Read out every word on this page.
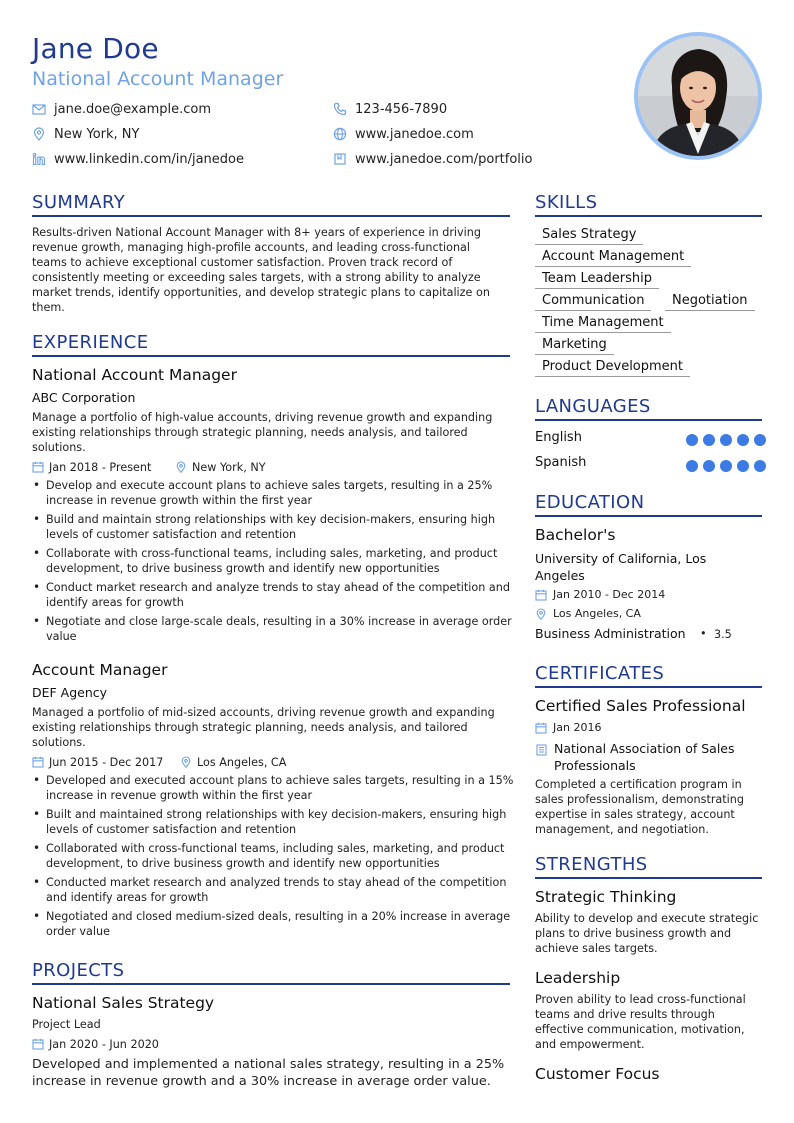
Jane Doe
National Account Manager
jane.doe@example.com	123-456-7890
New York, NY	www.janedoe.com
www.linkedin.com/in/janedoe	www.janedoe.com/portfolio
SUMMARY
Results-driven National Account Manager with 8+ years of experience in driving
revenue growth, managing high-profile accounts, and leading cross-functional
teams to achieve exceptional customer satisfaction. Proven track record of
consistently meeting or exceeding sales targets, with a strong ability to analyze
market trends, identify opportunities, and develop strategic plans to capitalize on
them.
EXPERIENCE
National Account Manager
ABC Corporation
Manage a portfolio of high-value accounts, driving revenue growth and expanding
existing relationships through strategic planning, needs analysis, and tailored
solutions.
Jan 2018 - Present	New York, NY
• Develop and execute account plans to achieve sales targets, resulting in a 25%
increase in revenue growth within the first year
• Build and maintain strong relationships with key decision-makers, ensuring high
levels of customer satisfaction and retention
• Collaborate with cross-functional teams, including sales, marketing, and product
development, to drive business growth and identify new opportunities
• Conduct market research and analyze trends to stay ahead of the competition and
identify areas for growth
• Negotiate and close large-scale deals, resulting in a 30% increase in average order
value
Account Manager
DEF Agency
Managed a portfolio of mid-sized accounts, driving revenue growth and expanding
existing relationships through strategic planning, needs analysis, and tailored
solutions.
Jun 2015 - Dec 2017	Los Angeles, CA
• Developed and executed account plans to achieve sales targets, resulting in a 15%
increase in revenue growth within the first year
• Built and maintained strong relationships with key decision-makers, ensuring high
levels of customer satisfaction and retention
• Collaborated with cross-functional teams, including sales, marketing, and product
development, to drive business growth and identify new opportunities
• Conducted market research and analyzed trends to stay ahead of the competition
and identify areas for growth
• Negotiated and closed medium-sized deals, resulting in a 20% increase in average
order value
PROJECTS
National Sales Strategy
Project Lead
Jan 2020 - Jun 2020
Developed and implemented a national sales strategy, resulting in a 25%
increase in revenue growth and a 30% increase in average order value.
SKILLS
Sales Strategy
Account Management
Team Leadership
Communication	Negotiation
Time Management
Marketing
Product Development
LANGUAGES
English
Spanish
EDUCATION
Bachelor's
University of California, Los
Angeles
Jan 2010 - Dec 2014
Los Angeles, CA
Business Administration • 3.5
CERTIFICATES
Certified Sales Professional
Jan 2016
National Association of Sales
Professionals
Completed a certification program in
sales professionalism, demonstrating
expertise in sales strategy, account
management, and negotiation.
STRENGTHS
Strategic Thinking
Ability to develop and execute strategic
plans to drive business growth and
achieve sales targets.
Leadership
Proven ability to lead cross-functional
teams and drive results through
effective communication, motivation,
and empowerment.
Customer Focus
